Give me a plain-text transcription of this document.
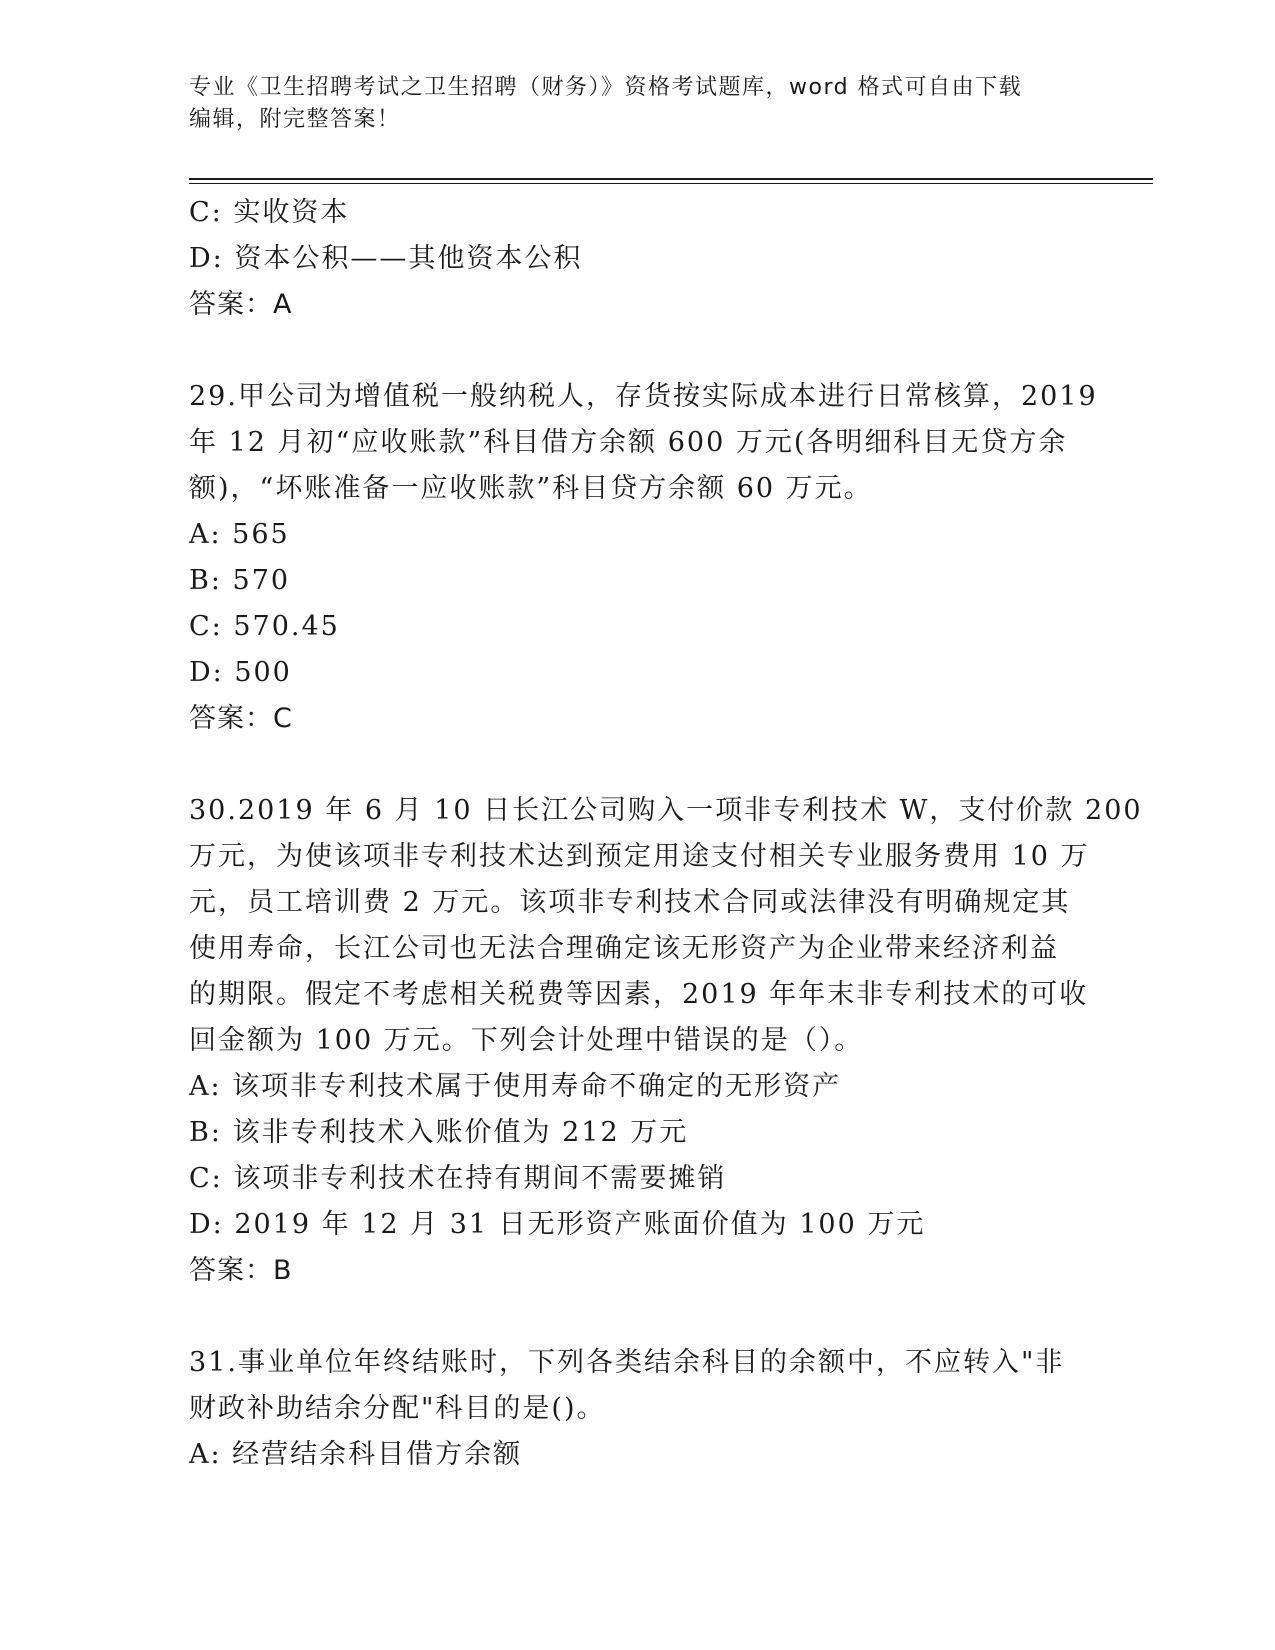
专业《卫生招聘考试之卫生招聘（财务）》资格考试题库，word 格式可自由下载
编辑，附完整答案！
C: 实收资本
D: 资本公积——其他资本公积
答案：A
29.甲公司为增值税一般纳税人，存货按实际成本进行日常核算，2019
年 12 月初“应收账款”科目借方余额 600 万元(各明细科目无贷方余
额)，“坏账准备一应收账款”科目贷方余额 60 万元。
A: 565
B: 570
C: 570.45
D: 500
答案：C
30.2019 年 6 月 10 日长江公司购入一项非专利技术 W，支付价款 200
万元，为使该项非专利技术达到预定用途支付相关专业服务费用 10 万
元，员工培训费 2 万元。该项非专利技术合同或法律没有明确规定其
使用寿命，长江公司也无法合理确定该无形资产为企业带来经济利益
的期限。假定不考虑相关税费等因素，2019 年年末非专利技术的可收
回金额为 100 万元。下列会计处理中错误的是（）。
A: 该项非专利技术属于使用寿命不确定的无形资产
B: 该非专利技术入账价值为 212 万元
C: 该项非专利技术在持有期间不需要摊销
D: 2019 年 12 月 31 日无形资产账面价值为 100 万元
答案：B
31.事业单位年终结账时，下列各类结余科目的余额中，不应转入"非
财政补助结余分配"科目的是()。
A: 经营结余科目借方余额
